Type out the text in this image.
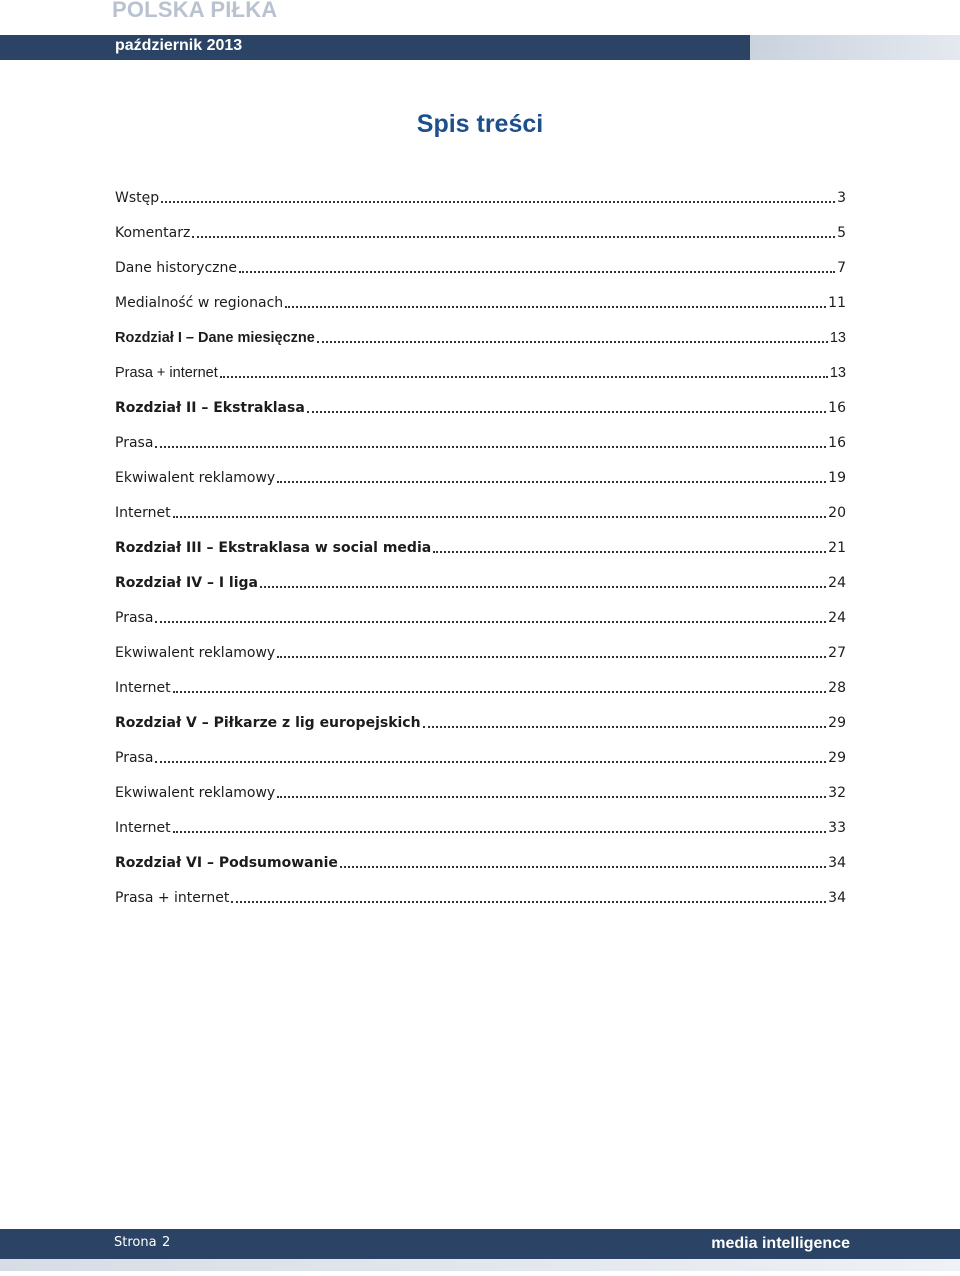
POLSKA PIŁKA
październik 2013
Spis treści
Wstęp	3
Komentarz	5
Dane historyczne	7
Medialność w regionach	11
Rozdział I – Dane miesięczne	13
Prasa + internet	13
Rozdział II – Ekstraklasa	16
Prasa	16
Ekwiwalent reklamowy	19
Internet	20
Rozdział III – Ekstraklasa w social media	21
Rozdział IV – I liga	24
Prasa	24
Ekwiwalent reklamowy	27
Internet	28
Rozdział V – Piłkarze z lig europejskich	29
Prasa	29
Ekwiwalent reklamowy	32
Internet	33
Rozdział VI – Podsumowanie	34
Prasa + internet	34
Strona 2	media intelligence
